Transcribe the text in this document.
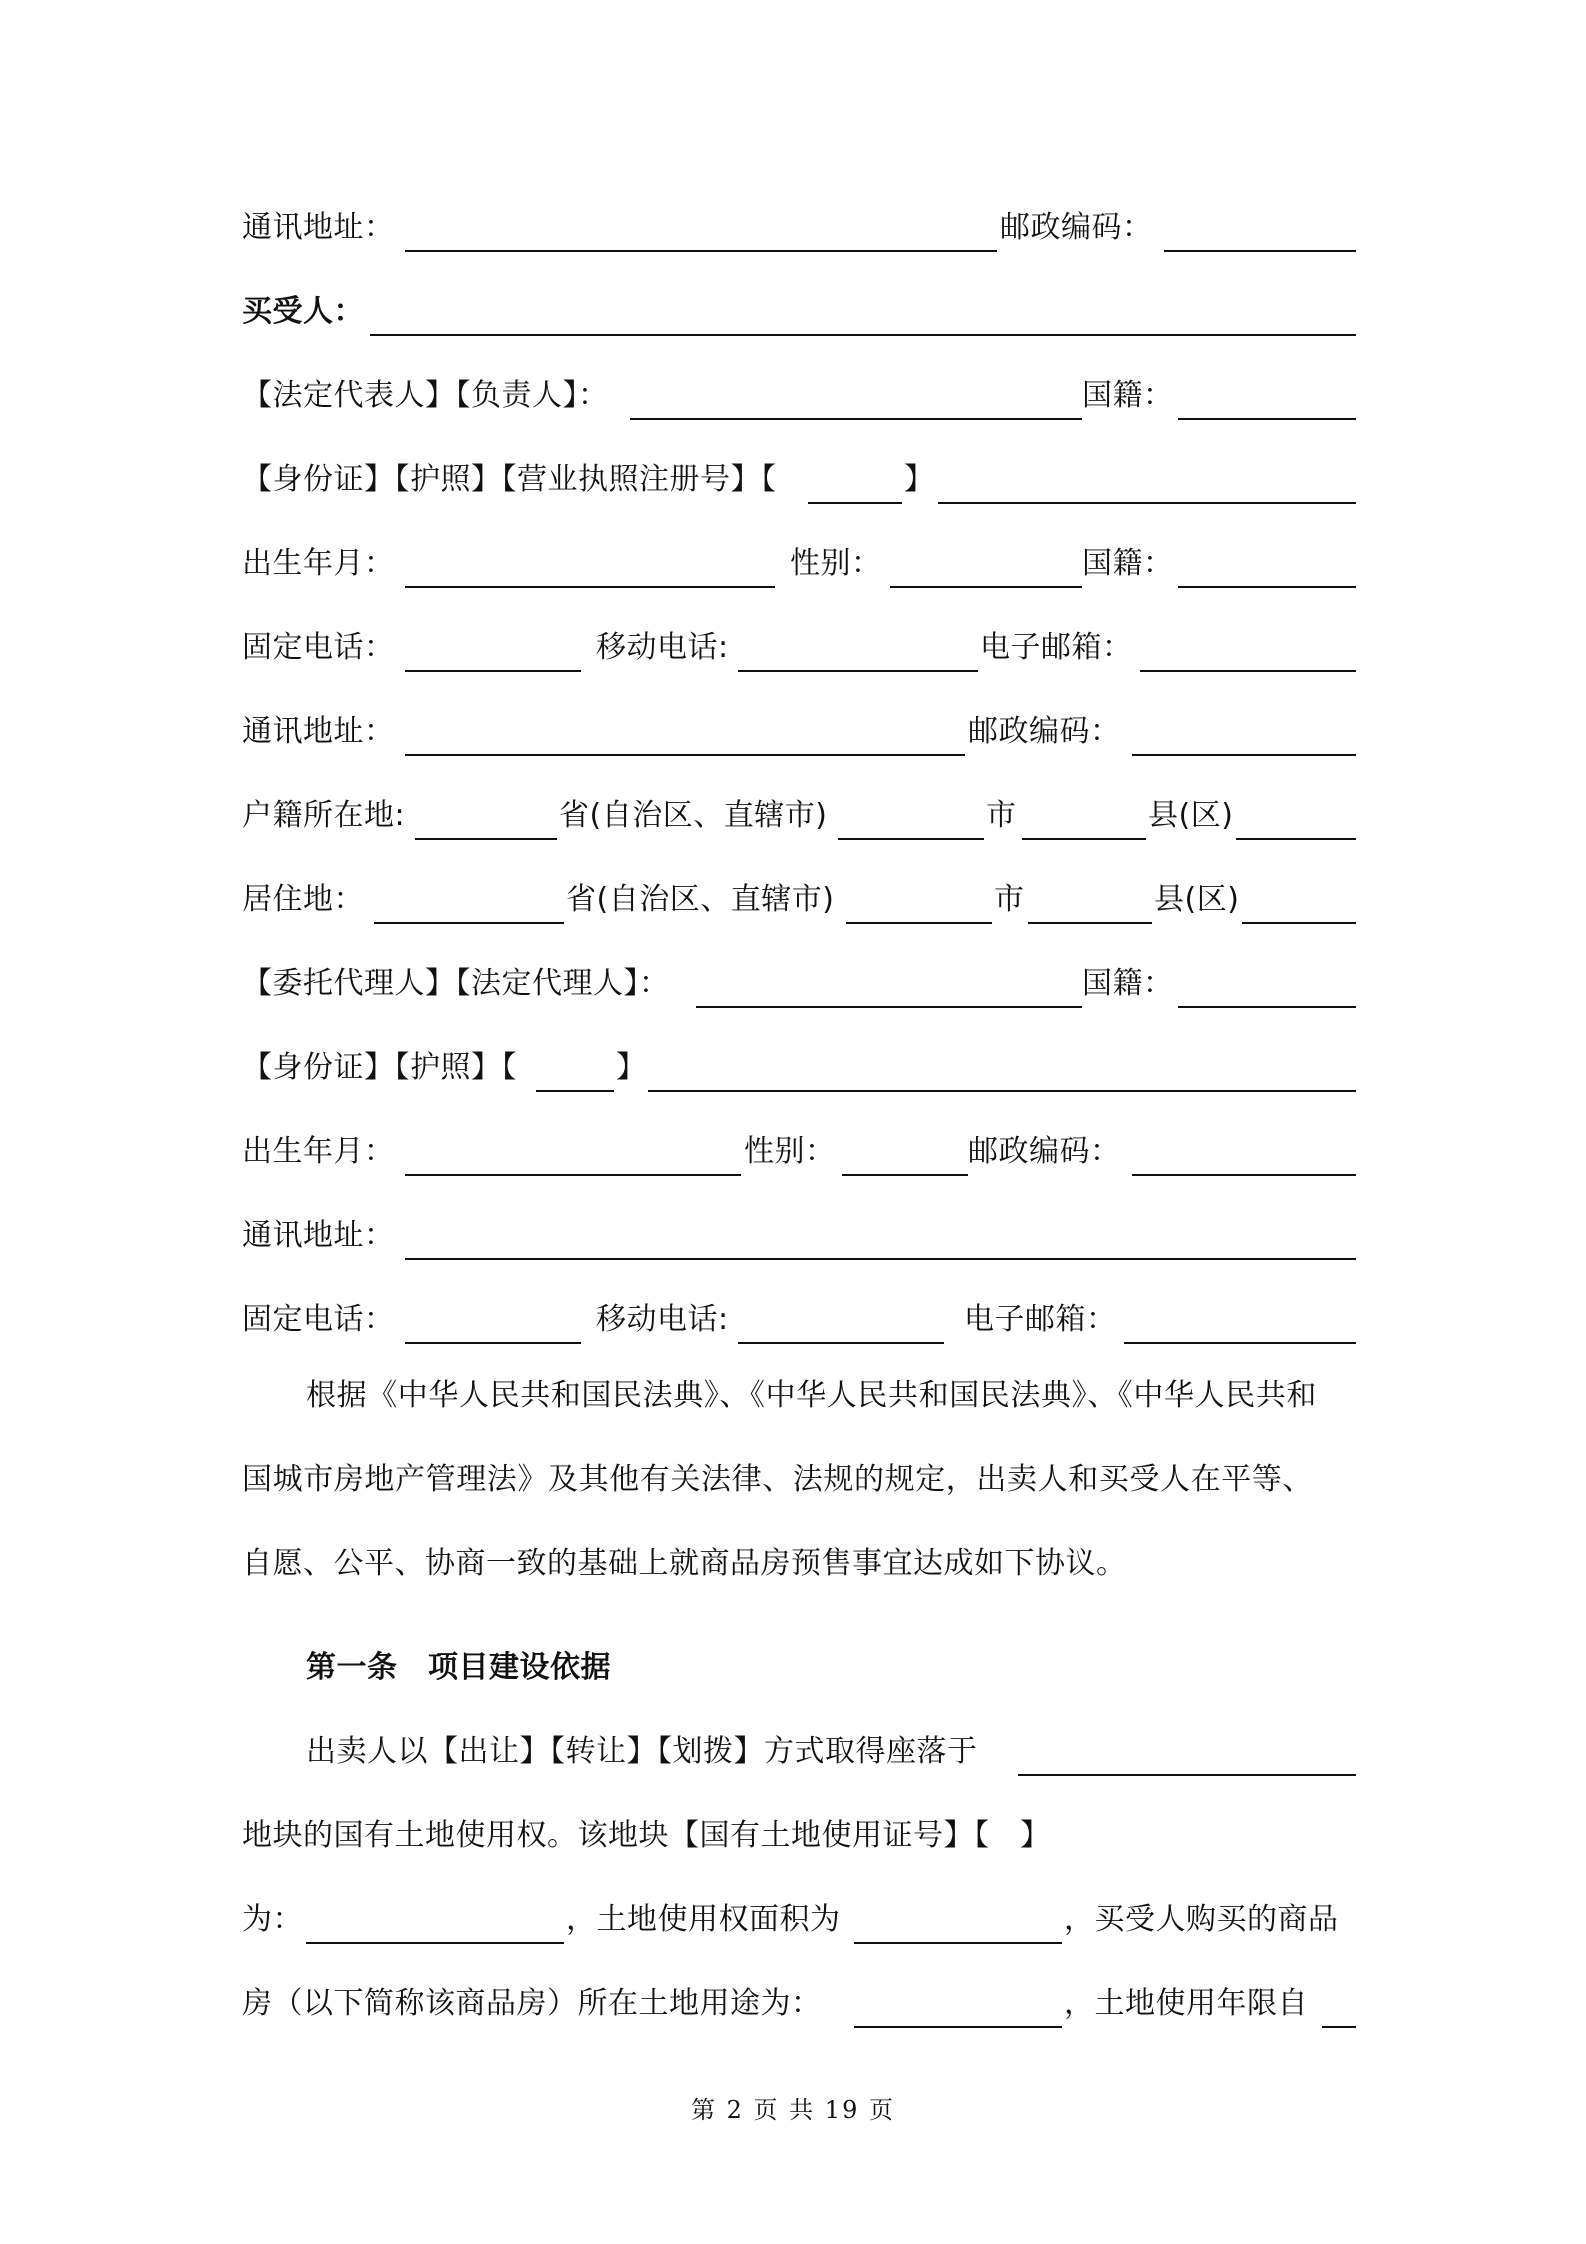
通讯地址：	邮政编码：
买受人：
【法定代表人】【负责人】：	国籍：
【身份证】【护照】【营业执照注册号】【	】
出生年月：	性别：	国籍：
固定电话：	移动电话:	电子邮箱：
通讯地址：	邮政编码：
户籍所在地:	省(自治区、直辖市)	市	县(区)
居住地：	省(自治区、直辖市)	市	县(区)
【委托代理人】【法定代理人】：	国籍：
【身份证】【护照】【	】
出生年月：	性别：	邮政编码：
通讯地址：
固定电话：	移动电话:	电子邮箱：
根据《中华人民共和国民法典》、《中华人民共和国民法典》、《中华人民共和
国城市房地产管理法》及其他有关法律、法规的规定，出卖人和买受人在平等、
自愿、公平、协商一致的基础上就商品房预售事宜达成如下协议。
第一条　项目建设依据
出卖人以【出让】【转让】【划拨】方式取得座落于
地块的国有土地使用权。该地块【国有土地使用证号】【　】
为：	，土地使用权面积为	，买受人购买的商品
房（以下简称该商品房）所在土地用途为：	，土地使用年限自
第 2 页 共 19 页
